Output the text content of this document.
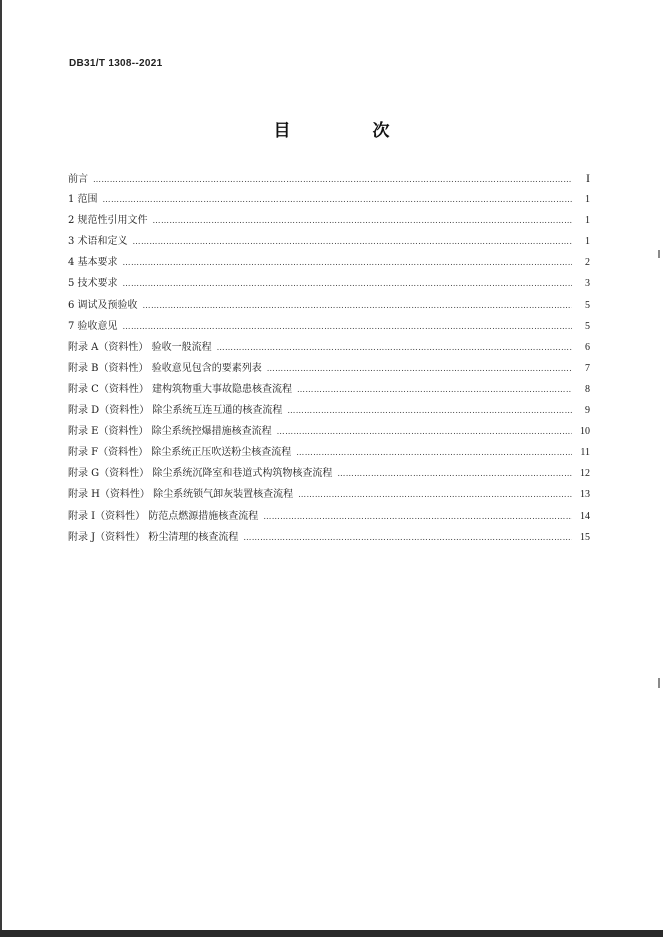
DB31/T 1308--2021
目 次
前言 ……………………………………………………………………………………………………………………………………………………………………………………………………………………………………………………………………	I
1 范围 ……………………………………………………………………………………………………………………………………………………………………………………………………………………………………………………………………	1
2 规范性引用文件 ……………………………………………………………………………………………………………………………………………………………………………………………………………………………………………………………………	1
3 术语和定义 ……………………………………………………………………………………………………………………………………………………………………………………………………………………………………………………………………	1
4 基本要求 ……………………………………………………………………………………………………………………………………………………………………………………………………………………………………………………………………	2
5 技术要求 ……………………………………………………………………………………………………………………………………………………………………………………………………………………………………………………………………	3
6 调试及预验收 ……………………………………………………………………………………………………………………………………………………………………………………………………………………………………………………………………	5
7 验收意见 ……………………………………………………………………………………………………………………………………………………………………………………………………………………………………………………………………	5
附录 A（资料性） 验收一般流程 ……………………………………………………………………………………………………………………………………………………………………………………………………………………………………………………………………	6
附录 B（资料性） 验收意见包含的要素列表 ……………………………………………………………………………………………………………………………………………………………………………………………………………………………………………………………………	7
附录 C（资料性） 建构筑物重大事故隐患核查流程 ……………………………………………………………………………………………………………………………………………………………………………………………………………………………………………………………………	8
附录 D（资料性） 除尘系统互连互通的核查流程 ……………………………………………………………………………………………………………………………………………………………………………………………………………………………………………………………………	9
附录 E（资料性） 除尘系统控爆措施核查流程 ……………………………………………………………………………………………………………………………………………………………………………………………………………………………………………………………………	10
附录 F（资料性） 除尘系统正压吹送粉尘核查流程 ……………………………………………………………………………………………………………………………………………………………………………………………………………………………………………………………………	11
附录 G（资料性） 除尘系统沉降室和巷道式构筑物核查流程 ……………………………………………………………………………………………………………………………………………………………………………………………………………………………………………………………………	12
附录 H（资料性） 除尘系统锁气卸灰装置核查流程 ……………………………………………………………………………………………………………………………………………………………………………………………………………………………………………………………………	13
附录 I（资料性） 防范点燃源措施核查流程 ……………………………………………………………………………………………………………………………………………………………………………………………………………………………………………………………………	14
附录 J（资料性） 粉尘清理的核查流程 ……………………………………………………………………………………………………………………………………………………………………………………………………………………………………………………………………	15
